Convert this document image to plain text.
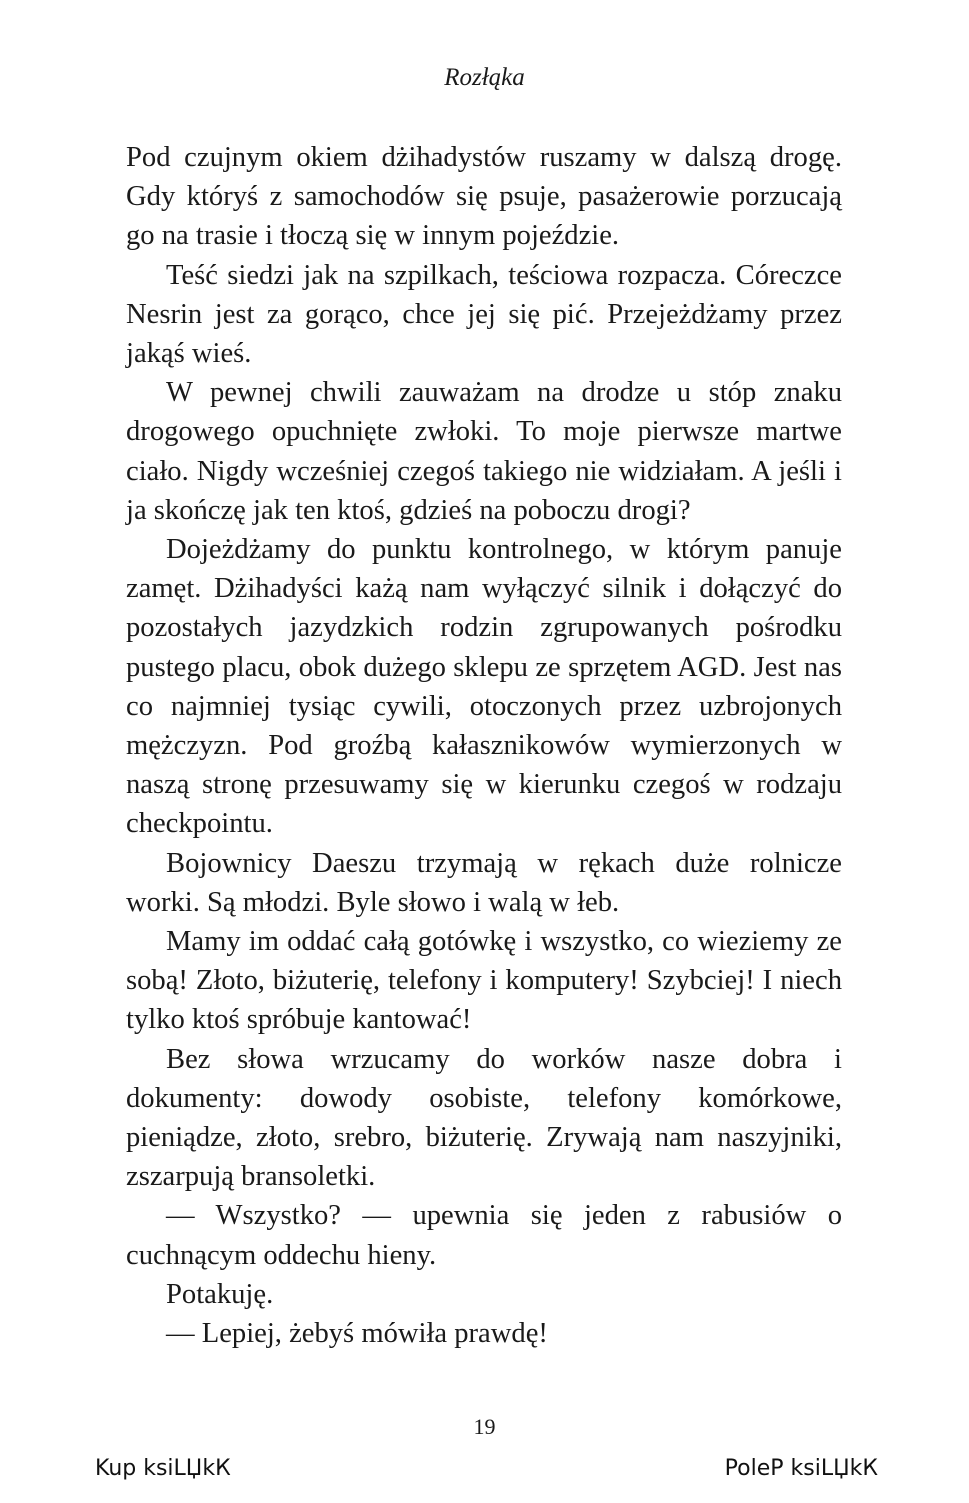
Rozłąka

Pod czujnym okiem dżihadystów ruszamy w dalszą drogę. Gdy któryś z samochodów się psuje, pasażerowie porzucają go na trasie i tłoczą się w innym pojeździe.

Teść siedzi jak na szpilkach, teściowa rozpacza. Córeczce Nesrin jest za gorąco, chce jej się pić. Przejeżdżamy przez jakąś wieś.

W pewnej chwili zauważam na drodze u stóp znaku drogowego opuchnięte zwłoki. To moje pierwsze martwe ciało. Nigdy wcześniej czegoś takiego nie widziałam. A jeśli i ja skończę jak ten ktoś, gdzieś na poboczu drogi?

Dojeżdżamy do punktu kontrolnego, w którym panuje zamęt. Dżihadyści każą nam wyłączyć silnik i dołączyć do pozostałych jazydzkich rodzin zgrupowanych pośrodku pustego placu, obok dużego sklepu ze sprzętem AGD. Jest nas co najmniej tysiąc cywili, otoczonych przez uzbrojonych mężczyzn. Pod groźbą kałasznikowów wymierzonych w naszą stronę przesuwamy się w kierunku czegoś w rodzaju checkpointu.

Bojownicy Daeszu trzymają w rękach duże rolnicze worki. Są młodzi. Byle słowo i walą w łeb.

Mamy im oddać całą gotówkę i wszystko, co wieziemy ze sobą! Złoto, biżuterię, telefony i komputery! Szybciej! I niech tylko ktoś spróbuje kantować!

Bez słowa wrzucamy do worków nasze dobra i dokumenty: dowody osobiste, telefony komórkowe, pieniądze, złoto, srebro, biżuterię. Zrywają nam naszyjniki, zszarpują bransoletki.

— Wszystko? — upewnia się jeden z rabusiów o cuchnącym oddechu hieny.

Potakuję.

— Lepiej, żebyś mówiła prawdę!

19
Kup ksiLЏkК	PoleP ksiLЏkК
